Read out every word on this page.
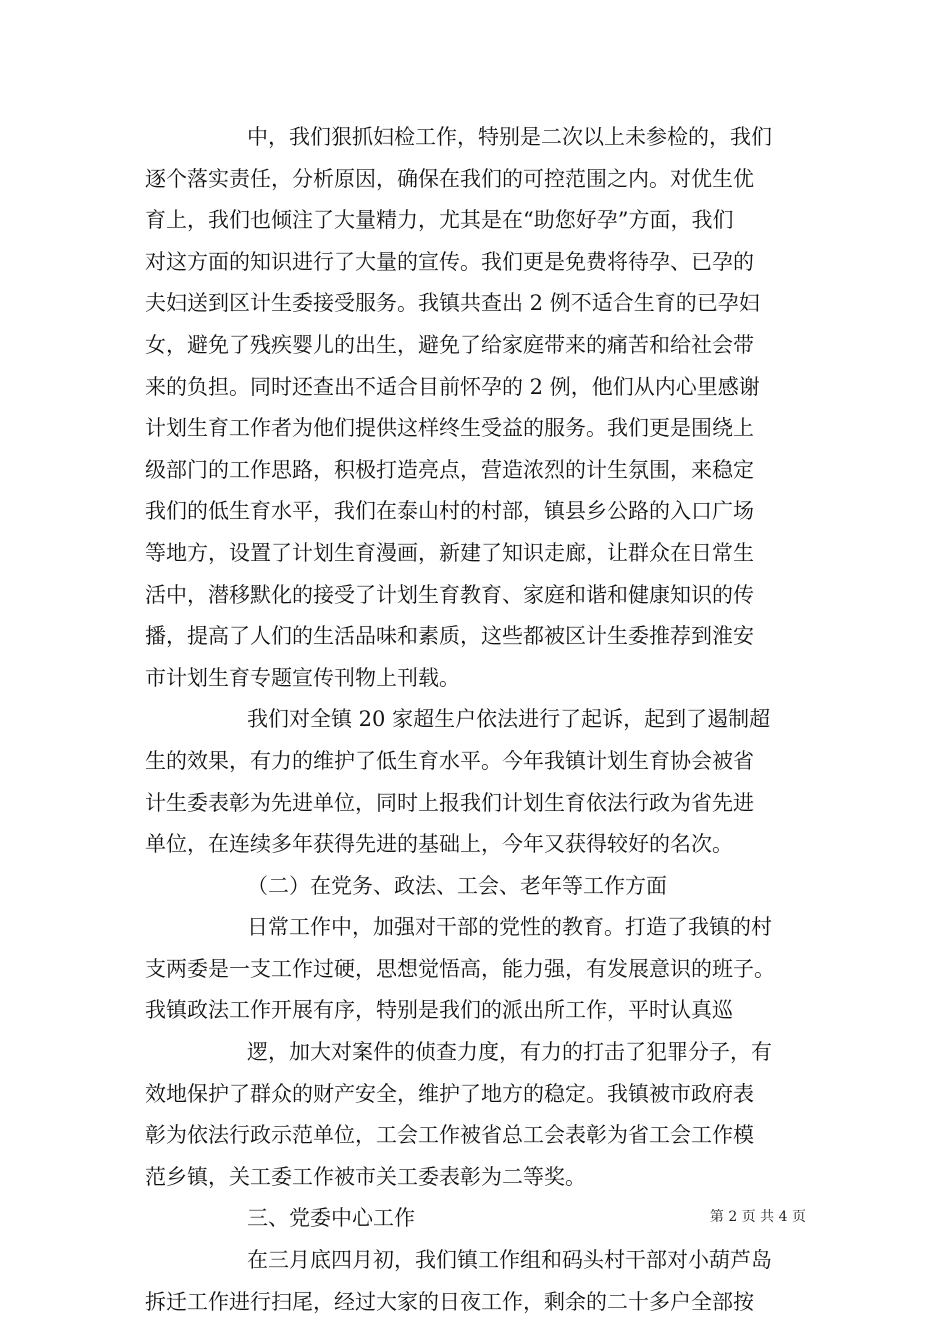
中，我们狠抓妇检工作，特别是二次以上未参检的，我们
逐个落实责任，分析原因，确保在我们的可控范围之内。对优生优
育上，我们也倾注了大量精力，尤其是在“助您好孕”方面，我们
对这方面的知识进行了大量的宣传。我们更是免费将待孕、已孕的
夫妇送到区计生委接受服务。我镇共查出 2 例不适合生育的已孕妇
女，避免了残疾婴儿的出生，避免了给家庭带来的痛苦和给社会带
来的负担。同时还查出不适合目前怀孕的 2 例，他们从内心里感谢
计划生育工作者为他们提供这样终生受益的服务。我们更是围绕上
级部门的工作思路，积极打造亮点，营造浓烈的计生氛围，来稳定
我们的低生育水平，我们在泰山村的村部，镇县乡公路的入口广场
等地方，设置了计划生育漫画，新建了知识走廊，让群众在日常生
活中，潜移默化的接受了计划生育教育、家庭和谐和健康知识的传
播，提高了人们的生活品味和素质，这些都被区计生委推荐到淮安
市计划生育专题宣传刊物上刊载。
我们对全镇 20 家超生户依法进行了起诉，起到了遏制超
生的效果，有力的维护了低生育水平。今年我镇计划生育协会被省
计生委表彰为先进单位，同时上报我们计划生育依法行政为省先进
单位，在连续多年获得先进的基础上，今年又获得较好的名次。
（二）在党务、政法、工会、老年等工作方面
日常工作中，加强对干部的党性的教育。打造了我镇的村
支两委是一支工作过硬，思想觉悟高，能力强，有发展意识的班子。
我镇政法工作开展有序，特别是我们的派出所工作，平时认真巡
逻，加大对案件的侦查力度，有力的打击了犯罪分子，有
效地保护了群众的财产安全，维护了地方的稳定。我镇被市政府表
彰为依法行政示范单位，工会工作被省总工会表彰为省工会工作模
范乡镇，关工委工作被市关工委表彰为二等奖。
三、党委中心工作
在三月底四月初，我们镇工作组和码头村干部对小葫芦岛
拆迁工作进行扫尾，经过大家的日夜工作，剩余的二十多户全部按
第 2 页 共 4 页
